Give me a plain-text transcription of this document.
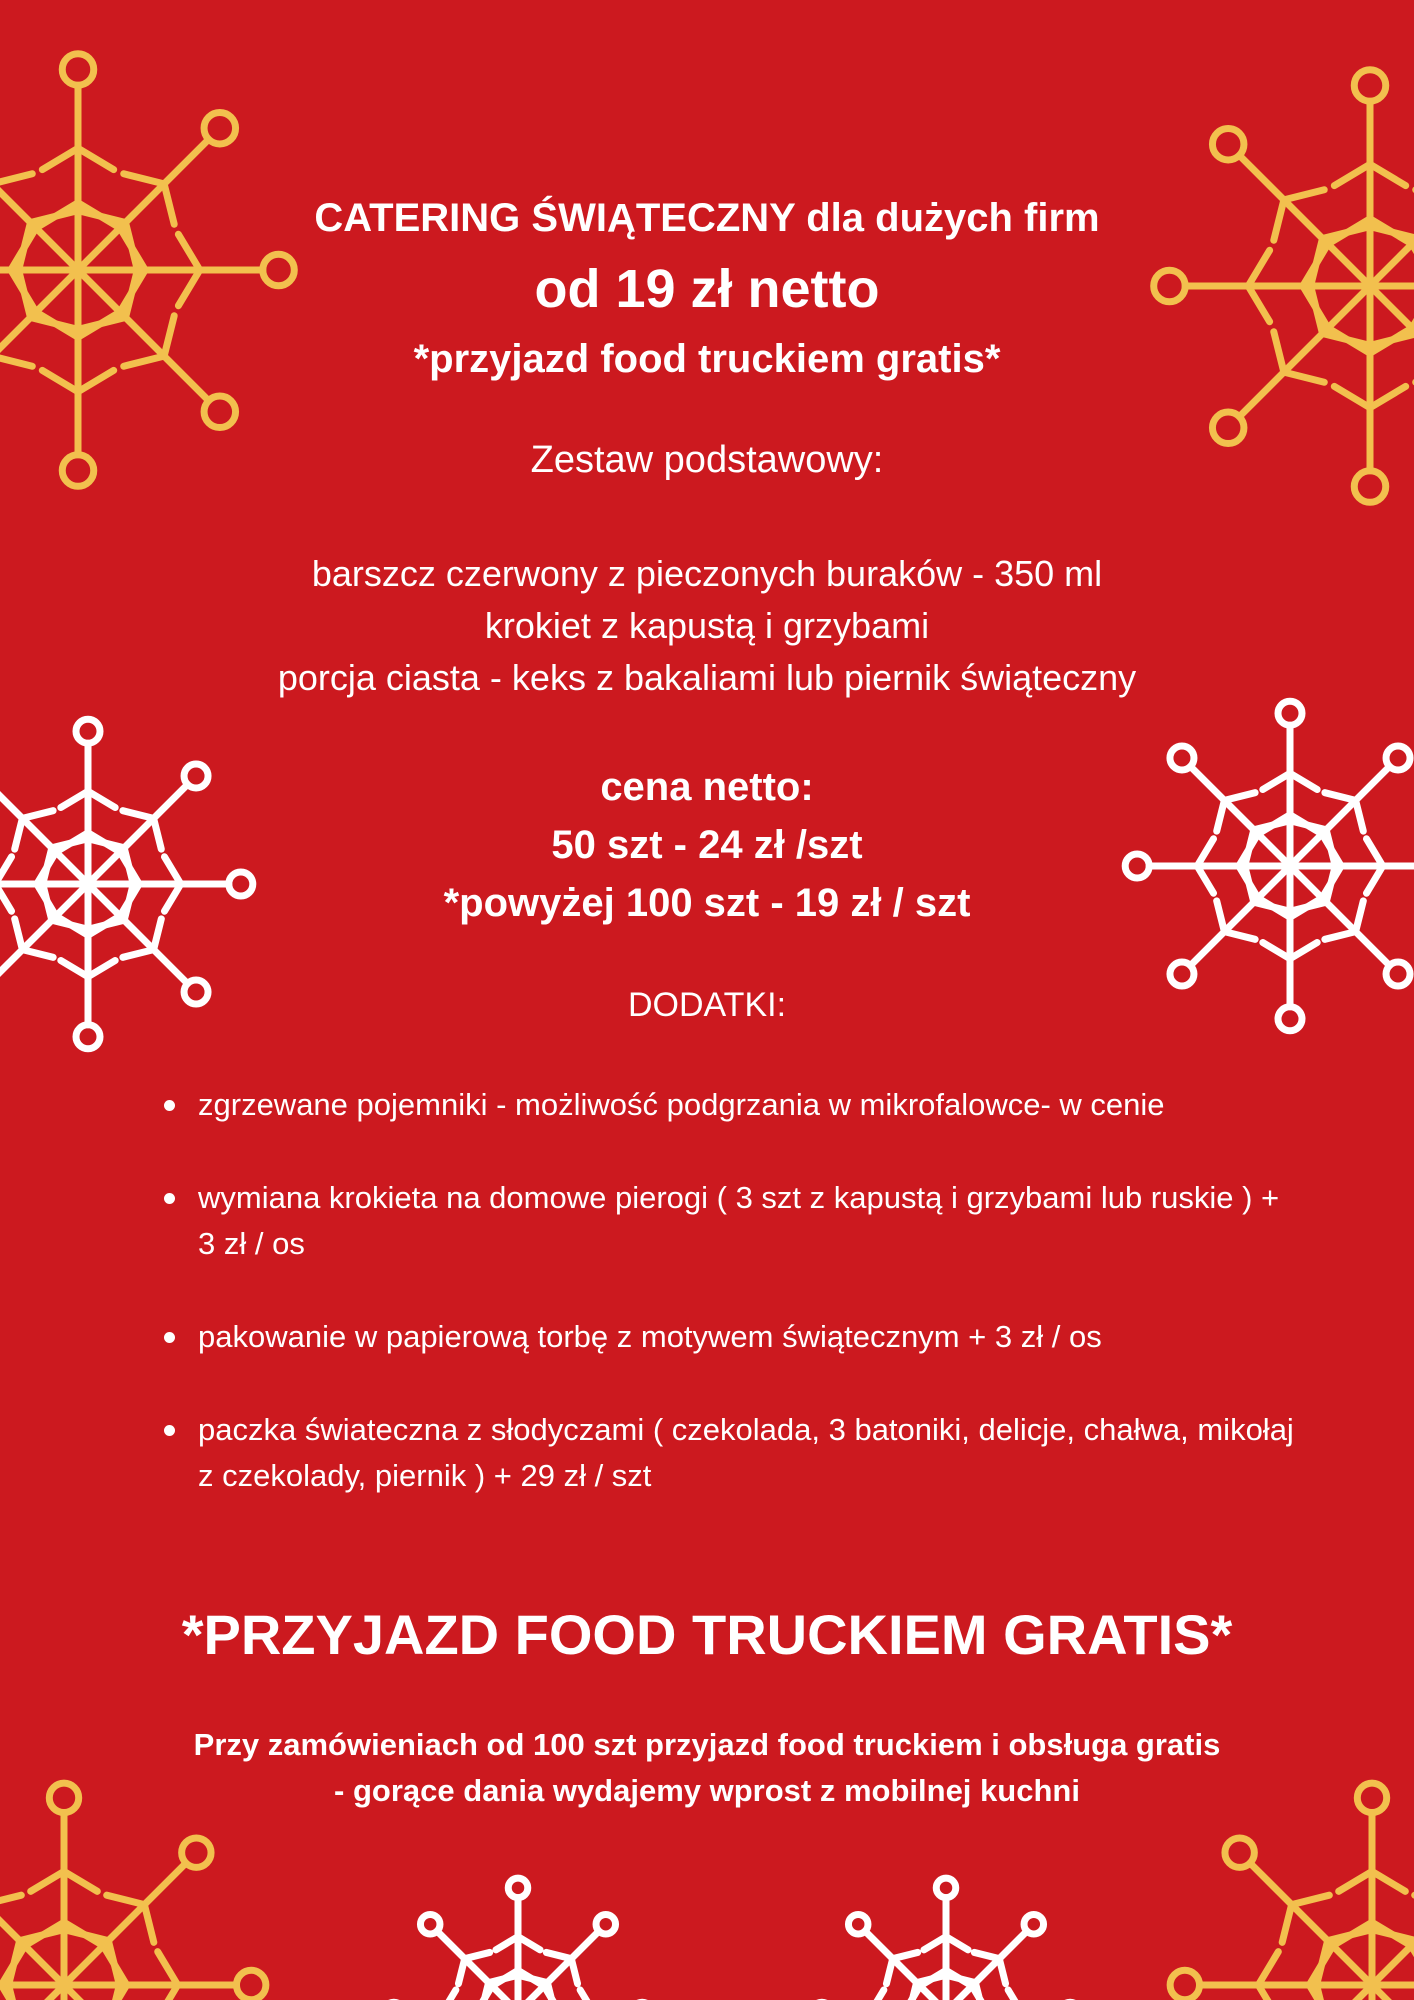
CATERING ŚWIĄTECZNY dla dużych firm

od 19 zł netto

*przyjazd food truckiem gratis*

Zestaw podstawowy:

barszcz czerwony z pieczonych buraków - 350 ml
krokiet z kapustą i grzybami
porcja ciasta - keks z bakaliami lub piernik świąteczny
cena netto:
50 szt - 24 zł /szt
*powyżej 100 szt - 19 zł / szt

DODATKI:

zgrzewane pojemniki - możliwość podgrzania w mikrofalowce- w cenie
wymiana krokieta na domowe pierogi ( 3 szt z kapustą i grzybami lub ruskie ) + 3 zł / os
pakowanie w papierową torbę z motywem świątecznym + 3 zł / os
paczka świateczna z słodyczami ( czekolada, 3 batoniki, delicje, chałwa, mikołaj z czekolady, piernik ) + 29 zł / szt

*PRZYJAZD FOOD TRUCKIEM GRATIS*

Przy zamówieniach od 100 szt przyjazd food truckiem i obsługa gratis
- gorące dania wydajemy wprost z mobilnej kuchni
